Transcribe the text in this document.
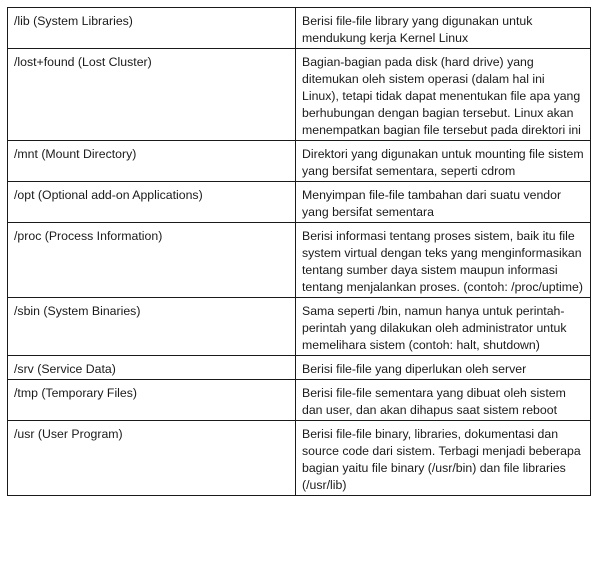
/lib (System Libraries)	Berisi file-file library yang digunakan untuk mendukung kerja Kernel Linux
/lost+found (Lost Cluster)	Bagian-bagian pada disk (hard drive) yang ditemukan oleh sistem operasi (dalam hal ini Linux), tetapi tidak dapat menentukan file apa yang berhubungan dengan bagian tersebut. Linux akan menempatkan bagian file tersebut pada direktori ini
/mnt (Mount Directory)	Direktori yang digunakan untuk mounting file sistem yang bersifat sementara, seperti cdrom
/opt (Optional add-on Applications)	Menyimpan file-file tambahan dari suatu vendor yang bersifat sementara
/proc (Process Information)	Berisi informasi tentang proses sistem, baik itu file system virtual dengan teks yang menginformasikan tentang sumber daya sistem maupun informasi tentang menjalankan proses. (contoh: /proc/uptime)
/sbin (System Binaries)	Sama seperti /bin, namun hanya untuk perintah-perintah yang dilakukan oleh administrator untuk memelihara sistem (contoh: halt, shutdown)
/srv (Service Data)	Berisi file-file yang diperlukan oleh server
/tmp (Temporary Files)	Berisi file-file sementara yang dibuat oleh sistem dan user, dan akan dihapus saat sistem reboot
/usr (User Program)	Berisi file-file binary, libraries, dokumentasi dan source code dari sistem. Terbagi menjadi beberapa bagian yaitu file binary (/usr/bin) dan file libraries (/usr/lib)
